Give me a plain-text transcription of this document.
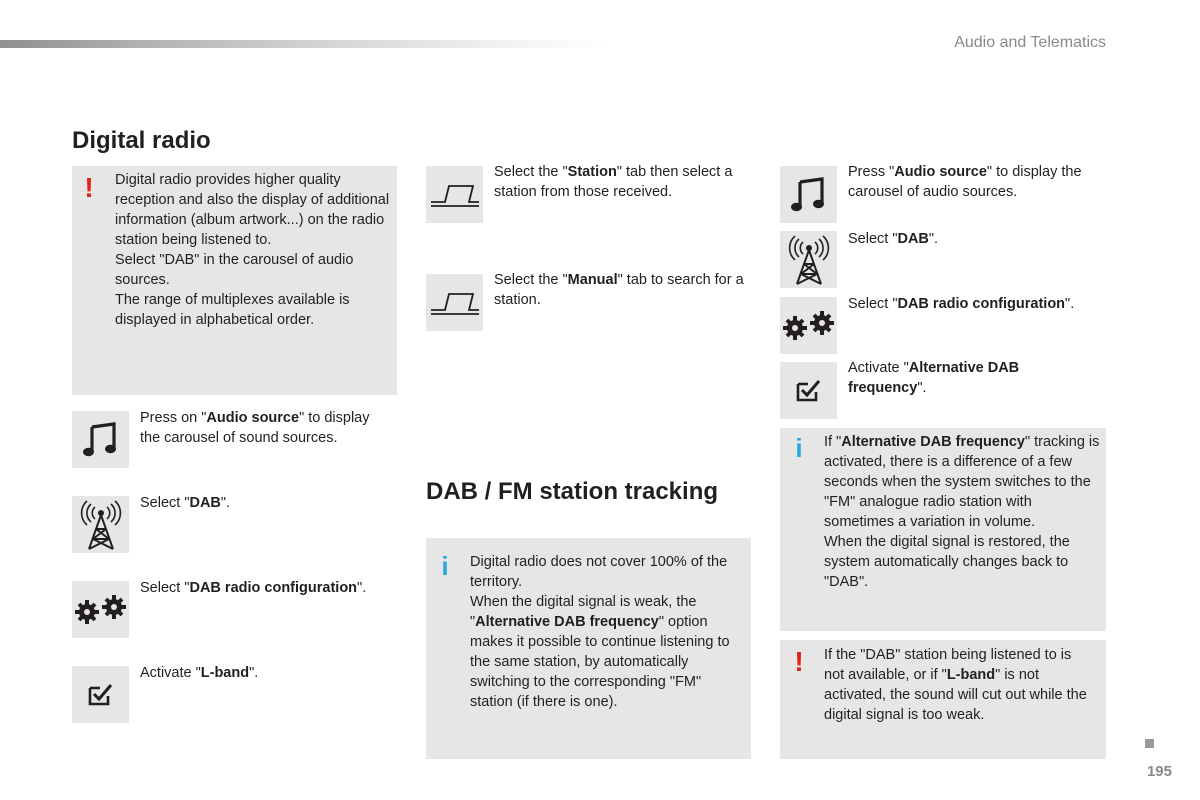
Audio and Telematics
Digital radio
! Digital radio provides higher quality reception and also the display of additional information (album artwork...) on the radio station being listened to.

Select "DAB" in the carousel of audio sources.

The range of multiplexes available is displayed in alphabetical order.

Press on "Audio source" to display the carousel of sound sources.
Select "DAB".
Select "DAB radio configuration".
Activate "L-band".
Select the "Station" tab then select a station from those received.
Select the "Manual" tab to search for a station.
DAB / FM station tracking
i Digital radio does not cover 100% of the territory.

When the digital signal is weak, the "Alternative DAB frequency" option makes it possible to continue listening to the same station, by automatically switching to the corresponding "FM" station (if there is one).

Press "Audio source" to display the carousel of audio sources.
Select "DAB".
Select "DAB radio configuration".
Activate "Alternative DAB frequency".
i If "Alternative DAB frequency" tracking is activated, there is a difference of a few seconds when the system switches to the "FM" analogue radio station with sometimes a variation in volume.

When the digital signal is restored, the system automatically changes back to "DAB".

! If the "DAB" station being listened to is not available, or if "L-band" is not activated, the sound will cut out while the digital signal is too weak.

195
